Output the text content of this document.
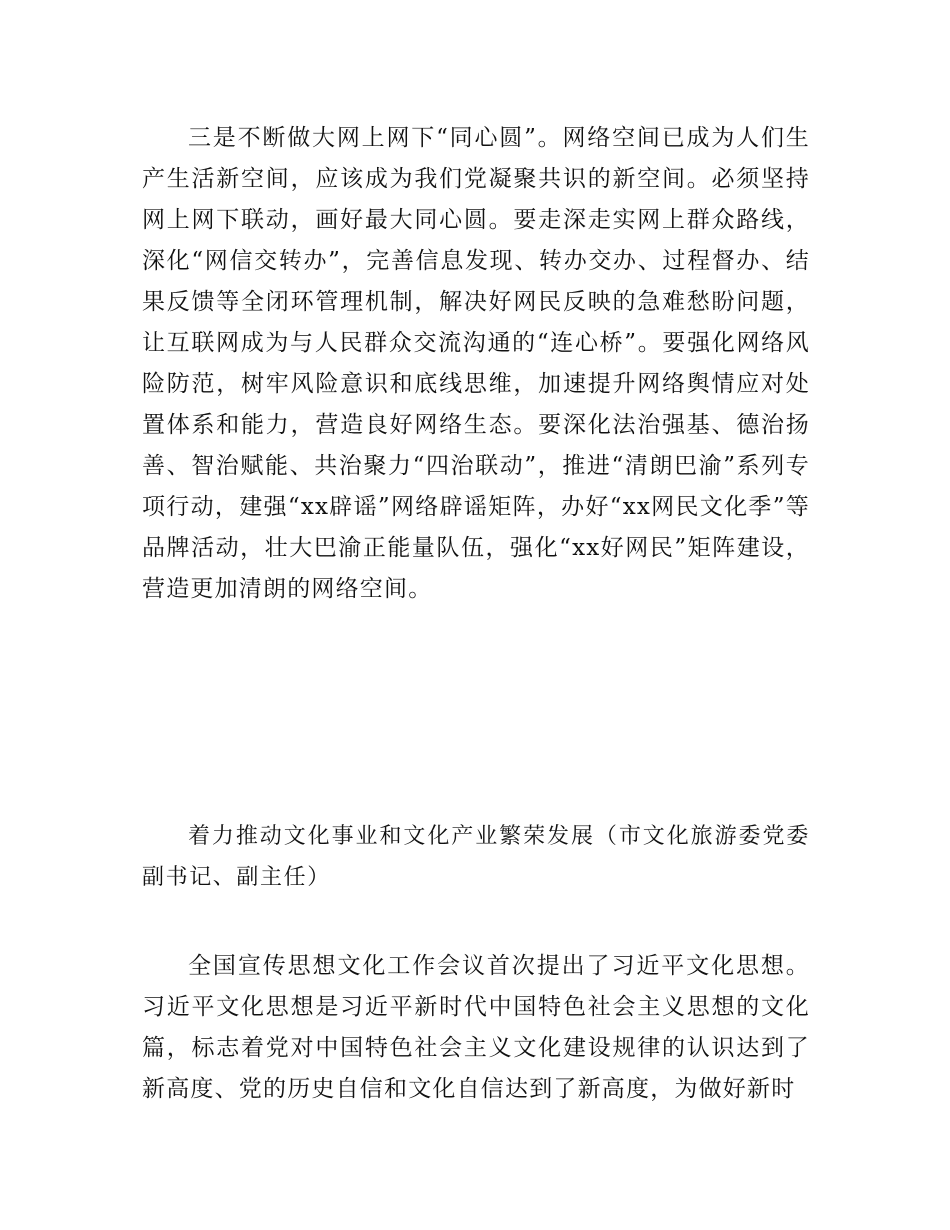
三是不断做大网上网下“同心圆”。网络空间已成为人们生产生活新空间，应该成为我们党凝聚共识的新空间。必须坚持网上网下联动，画好最大同心圆。要走深走实网上群众路线，深化“网信交转办”，完善信息发现、转办交办、过程督办、结果反馈等全闭环管理机制，解决好网民反映的急难愁盼问题，让互联网成为与人民群众交流沟通的“连心桥”。要强化网络风险防范，树牢风险意识和底线思维，加速提升网络舆情应对处置体系和能力，营造良好网络生态。要深化法治强基、德治扬善、智治赋能、共治聚力“四治联动”，推进“清朗巴渝”系列专项行动，建强“xx辟谣”网络辟谣矩阵，办好“xx网民文化季”等品牌活动，壮大巴渝正能量队伍，强化“xx好网民”矩阵建设，营造更加清朗的网络空间。

着力推动文化事业和文化产业繁荣发展（市文化旅游委党委副书记、副主任）

全国宣传思想文化工作会议首次提出了习近平文化思想。习近平文化思想是习近平新时代中国特色社会主义思想的文化篇，标志着党对中国特色社会主义文化建设规律的认识达到了新高度、党的历史自信和文化自信达到了新高度，为做好新时
